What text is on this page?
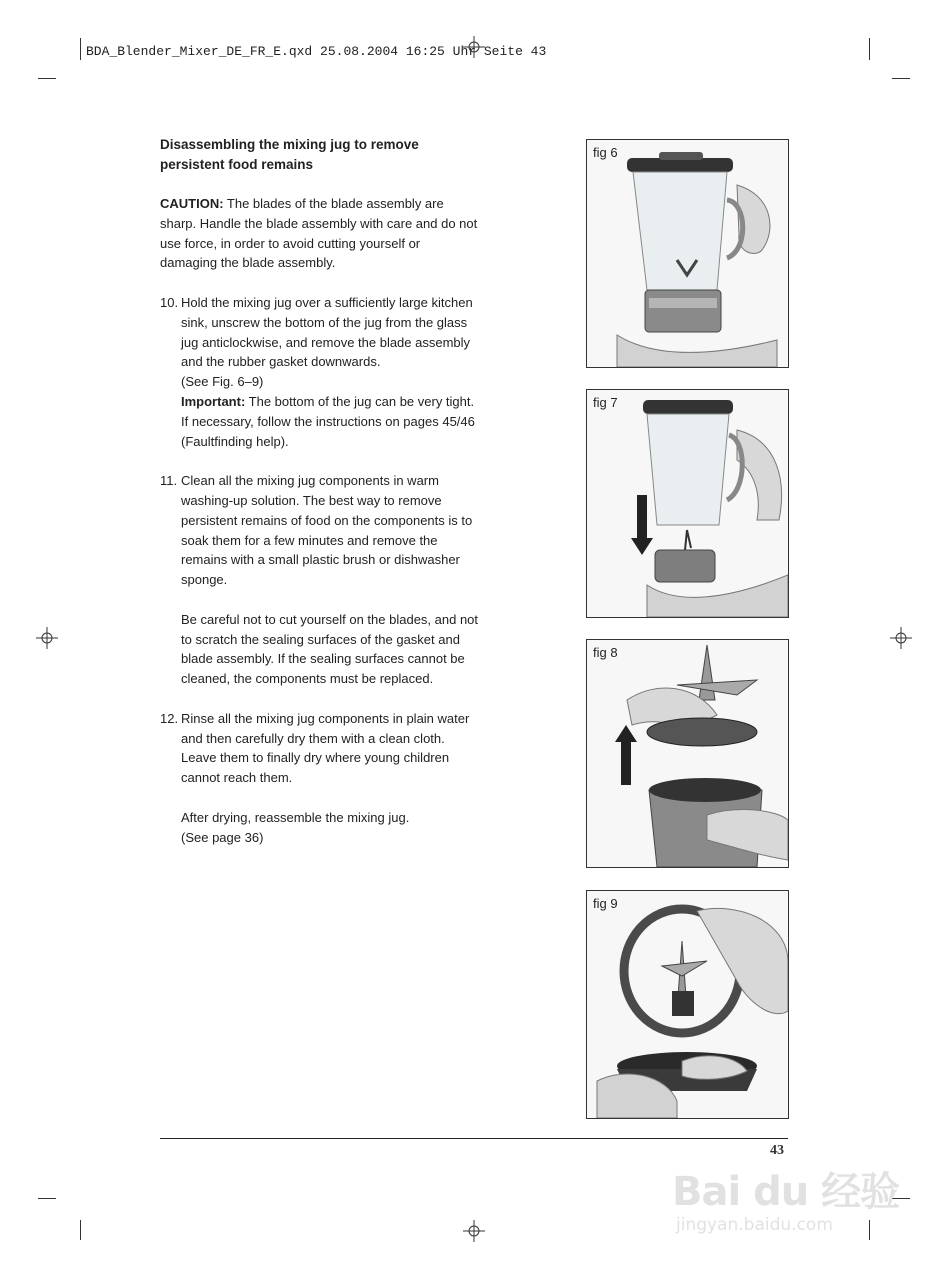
BDA_Blender_Mixer_DE_FR_E.qxd 25.08.2004 16:25 Uhr Seite 43
Disassembling the mixing jug to remove
persistent food remains

CAUTION: The blades of the blade assembly are sharp. Handle the blade assembly with care and do not use force, in order to avoid cutting yourself or damaging the blade assembly.

10. Hold the mixing jug over a sufficiently large kitchen sink, unscrew the bottom of the jug from the glass jug anticlockwise, and remove the blade assembly and the rubber gasket downwards.
(See Fig. 6–9)
Important: The bottom of the jug can be very tight. If necessary, follow the instructions on pages 45/46 (Faultfinding help).

11. Clean all the mixing jug components in warm washing-up solution. The best way to remove persistent remains of food on the components is to soak them for a few minutes and remove the remains with a small plastic brush or dishwasher sponge.

Be careful not to cut yourself on the blades, and not to scratch the sealing surfaces of the gasket and blade assembly. If the sealing surfaces cannot be cleaned, the components must be replaced.

12. Rinse all the mixing jug components in plain water and then carefully dry them with a clean cloth. Leave them to finally dry where young children cannot reach them.

After drying, reassemble the mixing jug.
(See page 36)

fig 6
fig 7
fig 8
fig 9
43
Bai du 经验
jingyan.baidu.com
